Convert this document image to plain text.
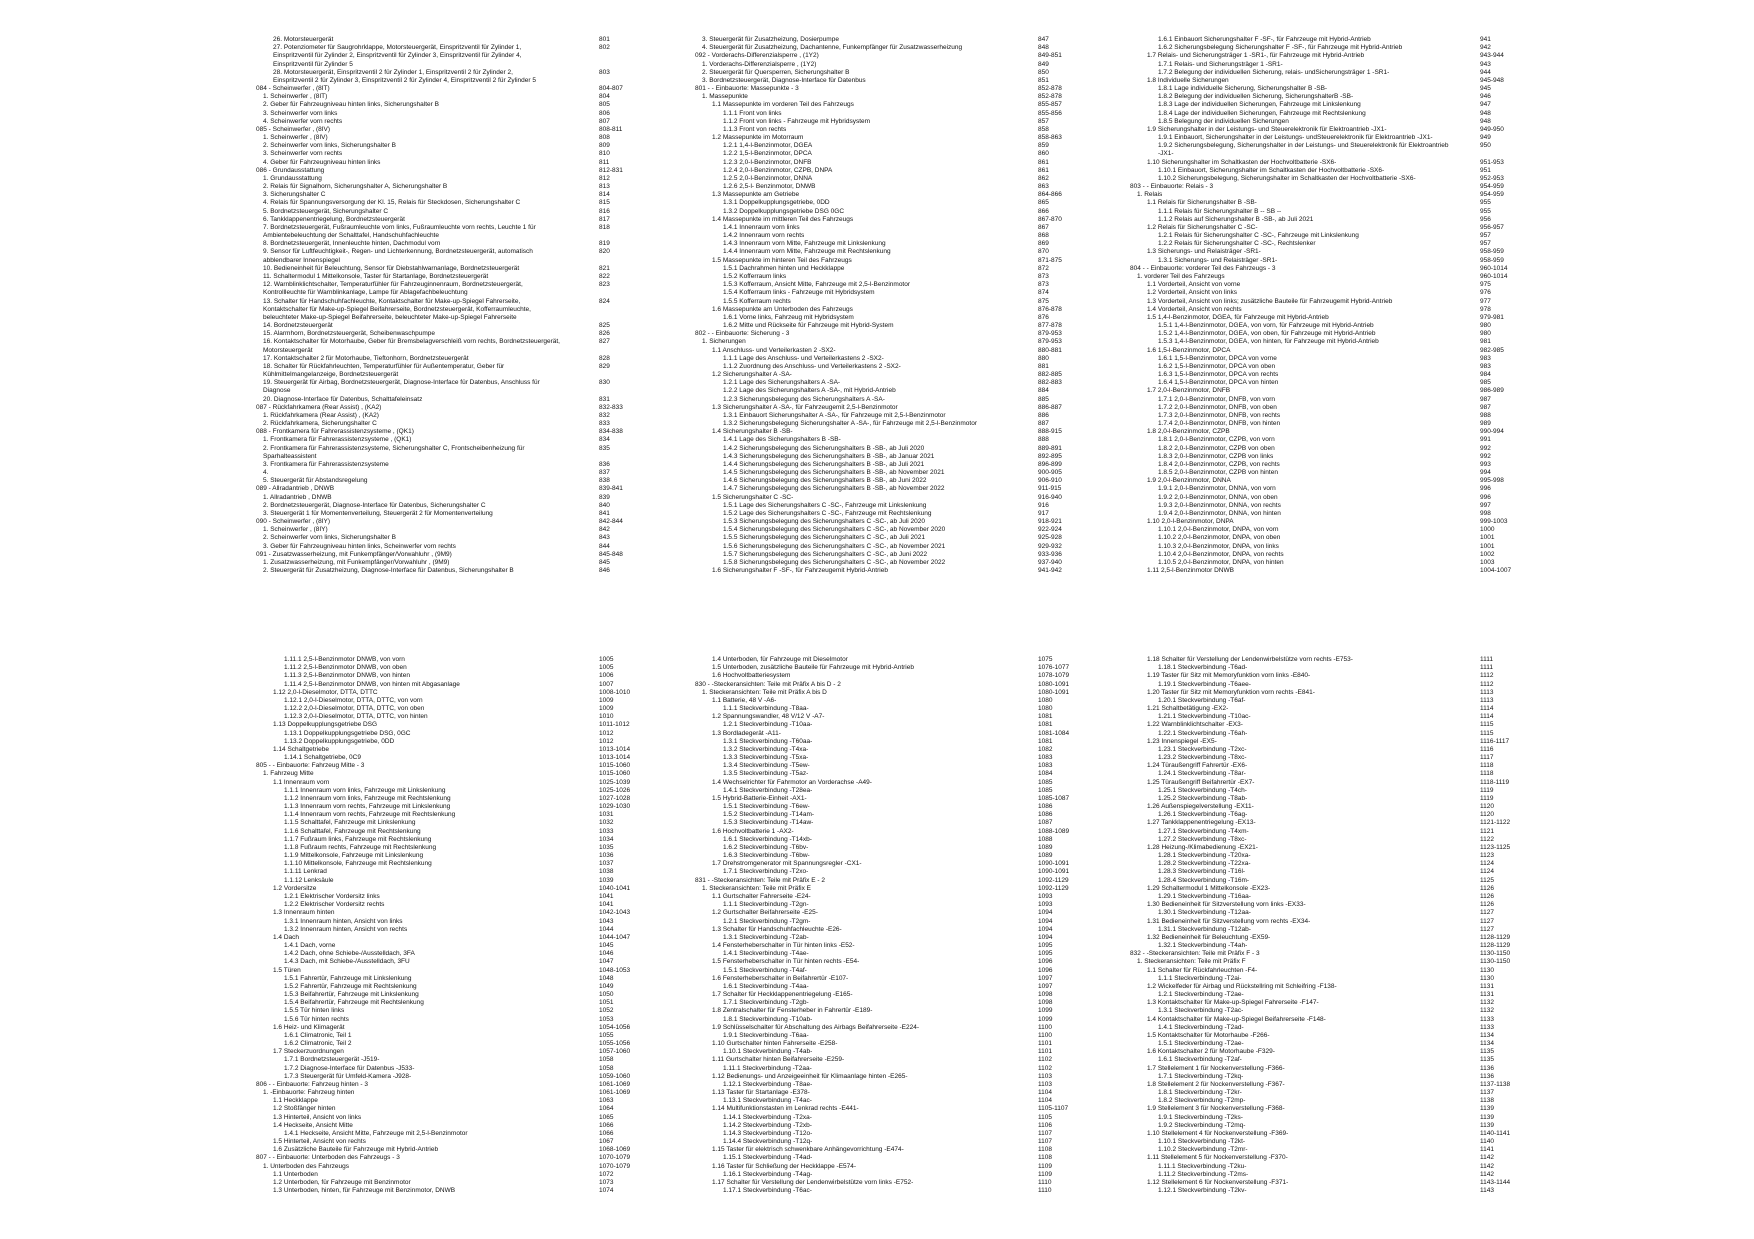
26. Motorsteuergerät	801
27. Potenziometer für Saugrohrklappe, Motorsteuergerät, Einspritzventil für Zylinder 1,	802
Einspritzventil für Zylinder 2, Einspritzventil für Zylinder 3, Einspritzventil für Zylinder 4,
Einspritzventil für Zylinder 5
28. Motorsteuergerät, Einspritzventil 2 für Zylinder 1, Einspritzventil 2 für Zylinder 2,	803
Einspritzventil 2 für Zylinder 3, Einspritzventil 2 für Zylinder 4, Einspritzventil 2 für Zylinder 5
084 - Scheinwerfer , (8IT)	804-807
1. Scheinwerfer , (8IT)	804
2. Geber für Fahrzeugniveau hinten links, Sicherungshalter B	805
3. Scheinwerfer vorn links	806
4. Scheinwerfer vorn rechts	807
085 - Scheinwerfer , (8IV)	808-811
1. Scheinwerfer , (8IV)	808
2. Scheinwerfer vorn links, Sicherungshalter B	809
3. Scheinwerfer vorn rechts	810
4. Geber für Fahrzeugniveau hinten links	811
086 - Grundausstattung	812-831
1. Grundausstattung	812
2. Relais für Signalhorn, Sicherungshalter A, Sicherungshalter B	813
3. Sicherungshalter C	814
4. Relais für Spannungsversorgung der Kl. 15, Relais für Steckdosen, Sicherungshalter C	815
5. Bordnetzsteuergerät, Sicherungshalter C	816
6. Tankklappenentriegelung, Bordnetzsteuergerät	817
7. Bordnetzsteuergerät, Fußraumleuchte vorn links, Fußraumleuchte vorn rechts, Leuchte 1 für	818
Ambientebeleuchtung der Schalttafel, Handschuhfachleuchte
8. Bordnetzsteuergerät, Innenleuchte hinten, Dachmodul vorn	819
9. Sensor für Luftfeuchtigkeit-, Regen- und Lichterkennung, Bordnetzsteuergerät, automatisch	820
abblendbarer Innenspiegel
10. Bedieneinheit für Beleuchtung, Sensor für Diebstahlwarnanlage, Bordnetzsteuergerät	821
11. Schaltermodul 1 Mittelkonsole, Taster für Startanlage, Bordnetzsteuergerät	822
12. Warnblinklichtschalter, Temperaturfühler für Fahrzeuginnenraum, Bordnetzsteuergerät,	823
Kontrollleuchte für Warnblinkanlage, Lampe für Ablagefachbeleuchtung
13. Schalter für Handschuhfachleuchte, Kontaktschalter für Make-up-Spiegel Fahrerseite,	824
Kontaktschalter für Make-up-Spiegel Beifahrerseite, Bordnetzsteuergerät, Kofferraumleuchte,
beleuchteter Make-up-Spiegel Beifahrerseite, beleuchteter Make-up-Spiegel Fahrerseite
14. Bordnetzsteuergerät	825
15. Alarmhorn, Bordnetzsteuergerät, Scheibenwaschpumpe	826
16. Kontaktschalter für Motorhaube, Geber für Bremsbelagverschleiß vorn rechts, Bordnetzsteuergerät,	827
Motorsteuergerät
17. Kontaktschalter 2 für Motorhaube, Tieftonhorn, Bordnetzsteuergerät	828
18. Schalter für Rückfahrleuchten, Temperaturfühler für Außentemperatur, Geber für	829
Kühlmittelmangelanzeige, Bordnetzsteuergerät
19. Steuergerät für Airbag, Bordnetzsteuergerät, Diagnose-Interface für Datenbus, Anschluss für	830
Diagnose
20. Diagnose-Interface für Datenbus, Schalttafeleinsatz	831
087 - Rückfahrkamera (Rear Assist) , (KA2)	832-833
1. Rückfahrkamera (Rear Assist) , (KA2)	832
2. Rückfahrkamera, Sicherungshalter C	833
088 - Frontkamera für Fahrerassistenzsysteme , (QK1)	834-838
1. Frontkamera für Fahrerassistenzsysteme , (QK1)	834
2. Frontkamera für Fahrerassistenzsysteme, Sicherungshalter C, Frontscheibenheizung für	835
Sparhalteassistent
3. Frontkamera für Fahrerassistenzsysteme	836
4.	837
5. Steuergerät für Abstandsregelung	838
089 - Allradantrieb , DNWB	839-841
1. Allradantrieb , DNWB	839
2. Bordnetzsteuergerät, Diagnose-Interface für Datenbus, Sicherungshalter C	840
3. Steuergerät 1 für Momentenverteilung, Steuergerät 2 für Momentenverteilung	841
090 - Scheinwerfer , (8IY)	842-844
1. Scheinwerfer , (8IY)	842
2. Scheinwerfer vorn links, Sicherungshalter B	843
3. Geber für Fahrzeugniveau hinten links, Scheinwerfer vorn rechts	844
091 - Zusatzwasserheizung, mit Funkempfänger/Vorwahluhr , (9M9)	845-848
1. Zusatzwasserheizung, mit Funkempfänger/Vorwahluhr , (9M9)	845
2. Steuergerät für Zusatzheizung, Diagnose-Interface für Datenbus, Sicherungshalter B	846
3. Steuergerät für Zusatzheizung, Dosierpumpe	847
4. Steuergerät für Zusatzheizung, Dachantenne, Funkempfänger für Zusatzwasserheizung	848
092 - Vorderachs-Differenzialsperre , (1Y2)	849-851
1. Vorderachs-Differenzialsperre , (1Y2)	849
2. Steuergerät für Quersperren, Sicherungshalter B	850
3. Bordnetzsteuergerät, Diagnose-Interface für Datenbus	851
801 - - Einbauorte: Massepunkte - 3	852-878
1. Massepunkte	852-878
1.1 Massepunkte im vorderen Teil des Fahrzeugs	855-857
1.1.1 Front von links	855-856
1.1.2 Front von links - Fahrzeuge mit Hybridsystem	857
1.1.3 Front von rechts	858
1.2 Massepunkte im Motorraum	858-863
1.2.1 1,4-l-Benzinmotor, DGEA	859
1.2.2 1,5-l-Benzinmotor, DPCA	860
1.2.3 2,0-l-Benzinmotor, DNFB	861
1.2.4 2,0-l-Benzinmotor, CZPB, DNPA	861
1.2.5 2,0-l-Benzinmotor, DNNA	862
1.2.6 2,5-l- Benzinmotor, DNWB	863
1.3 Massepunkte am Getriebe	864-866
1.3.1 Doppelkupplungsgetriebe, 0DD	865
1.3.2 Doppelkupplungsgetriebe DSG 0GC	866
1.4 Massepunkte im mittleren Teil des Fahrzeugs	867-870
1.4.1 Innenraum vorn links	867
1.4.2 Innenraum vorn rechts	868
1.4.3 Innenraum vorn Mitte, Fahrzeuge mit Linkslenkung	869
1.4.4 Innenraum vorn Mitte, Fahrzeuge mit Rechtslenkung	870
1.5 Massepunkte im hinteren Teil des Fahrzeugs	871-875
1.5.1 Dachrahmen hinten und Heckklappe	872
1.5.2 Kofferraum links	873
1.5.3 Kofferraum, Ansicht Mitte, Fahrzeuge mit 2,5-l-Benzinmotor	873
1.5.4 Kofferraum links - Fahrzeuge mit Hybridsystem	874
1.5.5 Kofferraum rechts	875
1.6 Massepunkte am Unterboden des Fahrzeugs	876-878
1.6.1 Vorne links, Fahrzeug mit Hybridsystem	876
1.6.2 Mitte und Rückseite für Fahrzeuge mit Hybrid-System	877-878
802 - - Einbauorte: Sicherung - 3	879-953
1. Sicherungen	879-953
1.1 Anschluss- und Verteilerkasten 2 -SX2-	880-881
1.1.1 Lage des Anschluss- und Verteilerkastens 2 -SX2-	880
1.1.2 Zuordnung des Anschluss- und Verteilerkastens 2 -SX2-	881
1.2 Sicherungshalter A -SA-	882-885
1.2.1 Lage des Sicherungshalters A -SA-	882-883
1.2.2 Lage des Sicherungshalters A -SA-, mit Hybrid-Antrieb	884
1.2.3 Sicherungsbelegung des Sicherungshalters A -SA-	885
1.3 Sicherungshalter A -SA-, für Fahrzeugemit 2,5-l-Benzinmotor	886-887
1.3.1 Einbauort Sicherungshalter A -SA-, für Fahrzeuge mit 2,5-l-Benzinmotor	886
1.3.2 Sicherungsbelegung Sicherungshalter A -SA-, für Fahrzeuge mit 2,5-l-Benzinmotor	887
1.4 Sicherungshalter B -SB-	888-915
1.4.1 Lage des Sicherungshalters B -SB-	888
1.4.2 Sicherungsbelegung des Sicherungshalters B -SB-, ab Juli 2020	889-891
1.4.3 Sicherungsbelegung des Sicherungshalters B -SB-, ab Januar 2021	892-895
1.4.4 Sicherungsbelegung des Sicherungshalters B -SB-, ab Juli 2021	896-899
1.4.5 Sicherungsbelegung des Sicherungshalters B -SB-, ab November 2021	900-905
1.4.6 Sicherungsbelegung des Sicherungshalters B -SB-, ab Juni 2022	906-910
1.4.7 Sicherungsbelegung des Sicherungshalters B -SB-, ab November 2022	911-915
1.5 Sicherungshalter C -SC-	916-940
1.5.1 Lage des Sicherungshalters C -SC-, Fahrzeuge mit Linkslenkung	916
1.5.2 Lage des Sicherungshalters C -SC-, Fahrzeuge mit Rechtslenkung	917
1.5.3 Sicherungsbelegung des Sicherungshalters C -SC-, ab Juli 2020	918-921
1.5.4 Sicherungsbelegung des Sicherungshalters C -SC-, ab November 2020	922-924
1.5.5 Sicherungsbelegung des Sicherungshalters C -SC-, ab Juli 2021	925-928
1.5.6 Sicherungsbelegung des Sicherungshalters C -SC-, ab November 2021	929-932
1.5.7 Sicherungsbelegung des Sicherungshalters C -SC-, ab Juni 2022	933-936
1.5.8 Sicherungsbelegung des Sicherungshalters C -SC-, ab November 2022	937-940
1.6 Sicherungshalter F -SF-, für Fahrzeugemit Hybrid-Antrieb	941-942
1.6.1 Einbauort Sicherungshalter F -SF-, für Fahrzeuge mit Hybrid-Antrieb	941
1.6.2 Sicherungsbelegung Sicherungshalter F -SF-, für Fahrzeuge mit Hybrid-Antrieb	942
1.7 Relais- und Sicherungsträger 1 -SR1-, für Fahrzeuge mit Hybrid-Antrieb	943-944
1.7.1 Relais- und Sicherungsträger 1 -SR1-	943
1.7.2 Belegung der individuellen Sicherung, relais- undSicherungsträger 1 -SR1-	944
1.8 Individuelle Sicherungen	945-948
1.8.1 Lage individuelle Sicherung, Sicherungshalter B -SB-	945
1.8.2 Belegung der individuellen Sicherung, SicherungshalterB -SB-	946
1.8.3 Lage der individuellen Sicherungen, Fahrzeuge mit Linkslenkung	947
1.8.4 Lage der individuellen Sicherungen, Fahrzeuge mit Rechtslenkung	948
1.8.5 Belegung der individuellen Sicherungen	948
1.9 Sicherungshalter in der Leistungs- und Steuerelektronik für Elektroantrieb -JX1-	949-950
1.9.1 Einbauort, Sicherungshalter in der Leistungs- undSteuerelektronik für Elektroantrieb -JX1-	949
1.9.2 Sicherungsbelegung, Sicherungshalter in der Leistungs- und Steuerelektronik für Elektroantrieb	950
-JX1-
1.10 Sicherungshalter im Schaltkasten der Hochvoltbatterie -SX6-	951-953
1.10.1 Einbauort, Sicherungshalter im Schaltkasten der Hochvoltbatterie -SX6-	951
1.10.2 Sicherungsbelegung, Sicherungshalter im Schaltkasten der Hochvoltbatterie -SX6-	952-953
803 - - Einbauorte: Relais - 3	954-959
1. Relais	954-959
1.1 Relais für Sicherungshalter B -SB-	955
1.1.1 Relais für Sicherungshalter B -- SB --	955
1.1.2 Relais auf Sicherungshalter B -SB-, ab Juli 2021	956
1.2 Relais für Sicherungshalter C -SC-	956-957
1.2.1 Relais für Sicherungshalter C -SC-, Fahrzeuge mit Linkslenkung	957
1.2.2 Relais für Sicherungshalter C -SC-, Rechtslenker	957
1.3 Sicherungs- und Relaisträger -SR1-	958-959
1.3.1 Sicherungs- und Relaisträger -SR1-	958-959
804 - - Einbauorte: vorderer Teil des Fahrzeugs - 3	960-1014
1. vorderer Teil des Fahrzeugs	960-1014
1.1 Vorderteil, Ansicht von vorne	975
1.2 Vorderteil, Ansicht von links	976
1.3 Vorderteil, Ansicht von links; zusätzliche Bauteile für Fahrzeugemit Hybrid-Antrieb	977
1.4 Vorderteil, Ansicht von rechts	978
1.5 1,4-l-Benzinmotor, DGEA, für Fahrzeuge mit Hybrid-Antrieb	979-981
1.5.1 1,4-l-Benzinmotor, DGEA, von vorn, für Fahrzeuge mit Hybrid-Antrieb	980
1.5.2 1,4-l-Benzinmotor, DGEA, von oben, für Fahrzeuge mit Hybrid-Antrieb	980
1.5.3 1,4-l-Benzinmotor, DGEA, von hinten, für Fahrzeuge mit Hybrid-Antrieb	981
1.6 1,5-l-Benzinmotor, DPCA	982-985
1.6.1 1,5-l-Benzinmotor, DPCA von vorne	983
1.6.2 1,5-l-Benzinmotor, DPCA von oben	983
1.6.3 1,5-l-Benzinmotor, DPCA von rechts	984
1.6.4 1,5-l-Benzinmotor, DPCA von hinten	985
1.7 2,0-l-Benzinmotor, DNFB	986-989
1.7.1 2,0-l-Benzinmotor, DNFB, von vorn	987
1.7.2 2,0-l-Benzinmotor, DNFB, von oben	987
1.7.3 2,0-l-Benzinmotor, DNFB, von rechts	988
1.7.4 2,0-l-Benzinmotor, DNFB, von hinten	989
1.8 2,0-l-Benzinmotor, CZPB	990-994
1.8.1 2,0-l-Benzinmotor, CZPB, von vorn	991
1.8.2 2,0-l-Benzinmotor, CZPB von oben	992
1.8.3 2,0-l-Benzinmotor, CZPB von links	992
1.8.4 2,0-l-Benzinmotor, CZPB, von rechts	993
1.8.5 2,0-l-Benzinmotor, CZPB von hinten	994
1.9 2,0-l-Benzinmotor, DNNA	995-998
1.9.1 2,0-l-Benzinmotor, DNNA, von vorn	996
1.9.2 2,0-l-Benzinmotor, DNNA, von oben	996
1.9.3 2,0-l-Benzinmotor, DNNA, von rechts	997
1.9.4 2,0-l-Benzinmotor, DNNA, von hinten	998
1.10 2,0-l-Benzinmotor, DNPA	999-1003
1.10.1 2,0-l-Benzinmotor, DNPA, von vorn	1000
1.10.2 2,0-l-Benzinmotor, DNPA, von oben	1001
1.10.3 2,0-l-Benzinmotor, DNPA, von links	1001
1.10.4 2,0-l-Benzinmotor, DNPA, von rechts	1002
1.10.5 2,0-l-Benzinmotor, DNPA, von hinten	1003
1.11 2,5-l-Benzinmotor DNWB	1004-1007
1.11.1 2,5-l-Benzinmotor DNWB, von vorn	1005
1.11.2 2,5-l-Benzinmotor DNWB, von oben	1005
1.11.3 2,5-l-Benzinmotor DNWB, von hinten	1006
1.11.4 2,5-l-Benzinmotor DNWB, von hinten mit Abgasanlage	1007
1.12 2,0-l-Dieselmotor, DTTA, DTTC	1008-1010
1.12.1 2,0-l-Dieselmotor, DTTA, DTTC, von vorn	1009
1.12.2 2,0-l-Dieselmotor, DTTA, DTTC, von oben	1009
1.12.3 2,0-l-Dieselmotor, DTTA, DTTC, von hinten	1010
1.13 Doppelkupplungsgetriebe DSG	1011-1012
1.13.1 Doppelkupplungsgetriebe DSG, 0GC	1012
1.13.2 Doppelkupplungsgetriebe, 0DD	1012
1.14 Schaltgetriebe	1013-1014
1.14.1 Schaltgetriebe, 0C9	1013-1014
805 - - Einbauorte: Fahrzeug Mitte - 3	1015-1060
1. Fahrzeug Mitte	1015-1060
1.1 Innenraum vorn	1025-1039
1.1.1 Innenraum vorn links, Fahrzeuge mit Linkslenkung	1025-1026
1.1.2 Innenraum vorn links, Fahrzeuge mit Rechtslenkung	1027-1028
1.1.3 Innenraum vorn rechts, Fahrzeuge mit Linkslenkung	1029-1030
1.1.4 Innenraum vorn rechts, Fahrzeuge mit Rechtslenkung	1031
1.1.5 Schalttafel, Fahrzeuge mit Linkslenkung	1032
1.1.6 Schalttafel, Fahrzeuge mit Rechtslenkung	1033
1.1.7 Fußraum links, Fahrzeuge mit Rechtslenkung	1034
1.1.8 Fußraum rechts, Fahrzeuge mit Rechtslenkung	1035
1.1.9 Mittelkonsole, Fahrzeuge mit Linkslenkung	1036
1.1.10 Mittelkonsole, Fahrzeuge mit Rechtslenkung	1037
1.1.11 Lenkrad	1038
1.1.12 Lenksäule	1039
1.2 Vordersitze	1040-1041
1.2.1 Elektrischer Vordersitz links	1041
1.2.2 Elektrischer Vordersitz rechts	1041
1.3 Innenraum hinten	1042-1043
1.3.1 Innenraum hinten, Ansicht von links	1043
1.3.2 Innenraum hinten, Ansicht von rechts	1044
1.4 Dach	1044-1047
1.4.1 Dach, vorne	1045
1.4.2 Dach, ohne Schiebe-/Ausstelldach, 3FA	1046
1.4.3 Dach, mit Schiebe-/Ausstelldach, 3FU	1047
1.5 Türen	1048-1053
1.5.1 Fahrertür, Fahrzeuge mit Linkslenkung	1048
1.5.2 Fahrertür, Fahrzeuge mit Rechtslenkung	1049
1.5.3 Beifahrertür, Fahrzeuge mit Linkslenkung	1050
1.5.4 Beifahrertür, Fahrzeuge mit Rechtslenkung	1051
1.5.5 Tür hinten links	1052
1.5.6 Tür hinten rechts	1053
1.6 Heiz- und Klimagerät	1054-1056
1.6.1 Climatronic, Teil 1	1055
1.6.2 Climatronic, Teil 2	1055-1056
1.7 Steckerzuordnungen	1057-1060
1.7.1 Bordnetzsteuergerät -J519-	1058
1.7.2 Diagnose-Interface für Datenbus -J533-	1058
1.7.3 Steuergerät für Umfeld-Kamera -J928-	1059-1060
806 - - Einbauorte: Fahrzeug hinten - 3	1061-1069
1. -Einbauorte: Fahrzeug hinten	1061-1069
1.1 Heckklappe	1063
1.2 Stoßfänger hinten	1064
1.3 Hinterteil, Ansicht von links	1065
1.4 Heckseite, Ansicht Mitte	1066
1.4.1 Heckseite, Ansicht Mitte, Fahrzeuge mit 2,5-l-Benzinmotor	1066
1.5 Hinterteil, Ansicht von rechts	1067
1.6 Zusätzliche Bauteile für Fahrzeuge mit Hybrid-Antrieb	1068-1069
807 - - Einbauorte: Unterboden des Fahrzeugs - 3	1070-1079
1. Unterboden des Fahrzeugs	1070-1079
1.1 Unterboden	1072
1.2 Unterboden, für Fahrzeuge mit Benzinmotor	1073
1.3 Unterboden, hinten, für Fahrzeuge mit Benzinmotor, DNWB	1074
1.4 Unterboden, für Fahrzeuge mit Dieselmotor	1075
1.5 Unterboden, zusätzliche Bauteile für Fahrzeuge mit Hybrid-Antrieb	1076-1077
1.6 Hochvoltbatteriesystem	1078-1079
830 - -Steckeransichten: Teile mit Präfix A bis D - 2	1080-1091
1. Steckeransichten: Teile mit Präfix A bis D	1080-1091
1.1 Batterie, 48 V -A6-	1080
1.1.1 Steckverbindung -T8aa-	1080
1.2 Spannungswandler, 48 V/12 V -A7-	1081
1.2.1 Steckverbindung -T10aa-	1081
1.3 Bordladegerät -A11-	1081-1084
1.3.1 Steckverbindung -T60aa-	1081
1.3.2 Steckverbindung -T4xa-	1082
1.3.3 Steckverbindung -T5xa-	1083
1.3.4 Steckverbindung -T5ew-	1083
1.3.5 Steckverbindung -T5az-	1084
1.4 Wechselrichter für Fahrmotor an Vorderachse -A49-	1085
1.4.1 Steckverbindung -T28ea-	1085
1.5 Hybrid-Batterie-Einheit -AX1-	1085-1087
1.5.1 Steckverbindung -T6ew-	1086
1.5.2 Steckverbindung -T14am-	1086
1.5.3 Steckverbindung -T14aw-	1087
1.6 Hochvoltbatterie 1 -AX2-	1088-1089
1.6.1 Steckverbindung -T14xb-	1088
1.6.2 Steckverbindung -T6bv-	1089
1.6.3 Steckverbindung -T6bw-	1089
1.7 Drehstromgenerator mit Spannungsregler -CX1-	1090-1091
1.7.1 Steckverbindung -T2xo-	1090-1091
831 - -Steckeransichten: Teile mit Präfix E - 2	1092-1129
1. Steckeransichten: Teile mit Präfix E	1092-1129
1.1 Gurtschalter Fahrerseite -E24-	1093
1.1.1 Steckverbindung -T2gn-	1093
1.2 Gurtschalter Beifahrerseite -E25-	1094
1.2.1 Steckverbindung -T2gm-	1094
1.3 Schalter für Handschuhfachleuchte -E26-	1094
1.3.1 Steckverbindung -T2ab-	1094
1.4 Fensterheberschalter in Tür hinten links -E52-	1095
1.4.1 Steckverbindung -T4ae-	1095
1.5 Fensterheberschalter in Tür hinten rechts -E54-	1096
1.5.1 Steckverbindung -T4af-	1096
1.6 Fensterheberschalter in Beifahrertür -E107-	1097
1.6.1 Steckverbindung -T4aa-	1097
1.7 Schalter für Heckklappenentriegelung -E165-	1098
1.7.1 Steckverbindung -T2gb-	1098
1.8 Zentralschalter für Fensterheber in Fahrertür -E189-	1099
1.8.1 Steckverbindung -T10ab-	1099
1.9 Schlüsselschalter für Abschaltung des Airbags Beifahrerseite -E224-	1100
1.9.1 Steckverbindung -T6aa-	1100
1.10 Gurtschalter hinten Fahrerseite -E258-	1101
1.10.1 Steckverbindung -T4ab-	1101
1.11 Gurtschalter hinten Beifahrerseite -E259-	1102
1.11.1 Steckverbindung -T2aa-	1102
1.12 Bedienungs- und Anzeigeeinheit für Klimaanlage hinten -E265-	1103
1.12.1 Steckverbindung -T8ae-	1103
1.13 Taster für Startanlage -E378-	1104
1.13.1 Steckverbindung -T4ac-	1104
1.14 Multifunktionstasten im Lenkrad rechts -E441-	1105-1107
1.14.1 Steckverbindung -T2xa-	1105
1.14.2 Steckverbindung -T2xb-	1106
1.14.3 Steckverbindung -T12o-	1107
1.14.4 Steckverbindung -T12q-	1107
1.15 Taster für elektrisch schwenkbare Anhängevorrichtung -E474-	1108
1.15.1 Steckverbindung -T4ad-	1108
1.16 Taster für Schließung der Heckklappe -E574-	1109
1.16.1 Steckverbindung -T4ag-	1109
1.17 Schalter für Verstellung der Lendenwirbelstütze vorn links -E752-	1110
1.17.1 Steckverbindung -T6ac-	1110
1.18 Schalter für Verstellung der Lendenwirbelstütze vorn rechts -E753-	1111
1.18.1 Steckverbindung -T6ad-	1111
1.19 Taster für Sitz mit Memoryfunktion vorn links -E840-	1112
1.19.1 Steckverbindung -T6aee-	1112
1.20 Taster für Sitz mit Memoryfunktion vorn rechts -E841-	1113
1.20.1 Steckverbindung -T6af-	1113
1.21 Schaltbetätigung -EX2-	1114
1.21.1 Steckverbindung -T10ac-	1114
1.22 Warnblinklichtschalter -EX3-	1115
1.22.1 Steckverbindung -T6ah-	1115
1.23 Innenspiegel -EX5-	1116-1117
1.23.1 Steckverbindung -T2xc-	1116
1.23.2 Steckverbindung -T8xc-	1117
1.24 Türaußengriff Fahrertür -EX6-	1118
1.24.1 Steckverbindung -T8ar-	1118
1.25 Türaußengriff Beifahrertür -EX7-	1118-1119
1.25.1 Steckverbindung -T4ch-	1119
1.25.2 Steckverbindung -T8ab-	1119
1.26 Außenspiegelverstellung -EX11-	1120
1.26.1 Steckverbindung -T6ag-	1120
1.27 Tankklappenentriegelung -EX13-	1121-1122
1.27.1 Steckverbindung -T4xm-	1121
1.27.2 Steckverbindung -T8xc-	1122
1.28 Heizung-/Klimabedienung -EX21-	1123-1125
1.28.1 Steckverbindung -T20xa-	1123
1.28.2 Steckverbindung -T22xa-	1124
1.28.3 Steckverbindung -T16l-	1124
1.28.4 Steckverbindung -T16m-	1125
1.29 Schaltermodul 1 Mittelkonsole -EX23-	1126
1.29.1 Steckverbindung -T16aa-	1126
1.30 Bedieneinheit für Sitzverstellung vorn links -EX33-	1126
1.30.1 Steckverbindung -T12aa-	1127
1.31 Bedieneinheit für Sitzverstellung vorn rechts -EX34-	1127
1.31.1 Steckverbindung -T12ab-	1127
1.32 Bedieneinheit für Beleuchtung -EX59-	1128-1129
1.32.1 Steckverbindung -T4ah-	1128-1129
832 - -Steckeransichten: Teile mit Präfix F - 3	1130-1150
1. Steckeransichten: Teile mit Präfix F	1130-1150
1.1 Schalter für Rückfahrleuchten -F4-	1130
1.1.1 Steckverbindung -T2ai-	1130
1.2 Wickelfeder für Airbag und Rückstellring mit Schleifring -F138-	1131
1.2.1 Steckverbindung -T2ae-	1131
1.3 Kontaktschalter für Make-up-Spiegel Fahrerseite -F147-	1132
1.3.1 Steckverbindung -T2ac-	1132
1.4 Kontaktschalter für Make-up-Spiegel Beifahrerseite -F148-	1133
1.4.1 Steckverbindung -T2ad-	1133
1.5 Kontaktschalter für Motorhaube -F266-	1134
1.5.1 Steckverbindung -T2ae-	1134
1.6 Kontaktschalter 2 für Motorhaube -F329-	1135
1.6.1 Steckverbindung -T2af-	1135
1.7 Stellelement 1 für Nockenverstellung -F366-	1136
1.7.1 Steckverbindung -T2kq-	1136
1.8 Stellelement 2 für Nockenverstellung -F367-	1137-1138
1.8.1 Steckverbindung -T2kr-	1137
1.8.2 Steckverbindung -T2mp-	1138
1.9 Stellelement 3 für Nockenverstellung -F368-	1139
1.9.1 Steckverbindung -T2ks-	1139
1.9.2 Steckverbindung -T2mq-	1139
1.10 Stellelement 4 für Nockenverstellung -F369-	1140-1141
1.10.1 Steckverbindung -T2kt-	1140
1.10.2 Steckverbindung -T2mr-	1141
1.11 Stellelement 5 für Nockenverstellung -F370-	1142
1.11.1 Steckverbindung -T2ku-	1142
1.11.2 Steckverbindung -T2ms-	1142
1.12 Stellelement 6 für Nockenverstellung -F371-	1143-1144
1.12.1 Steckverbindung -T2kv-	1143
